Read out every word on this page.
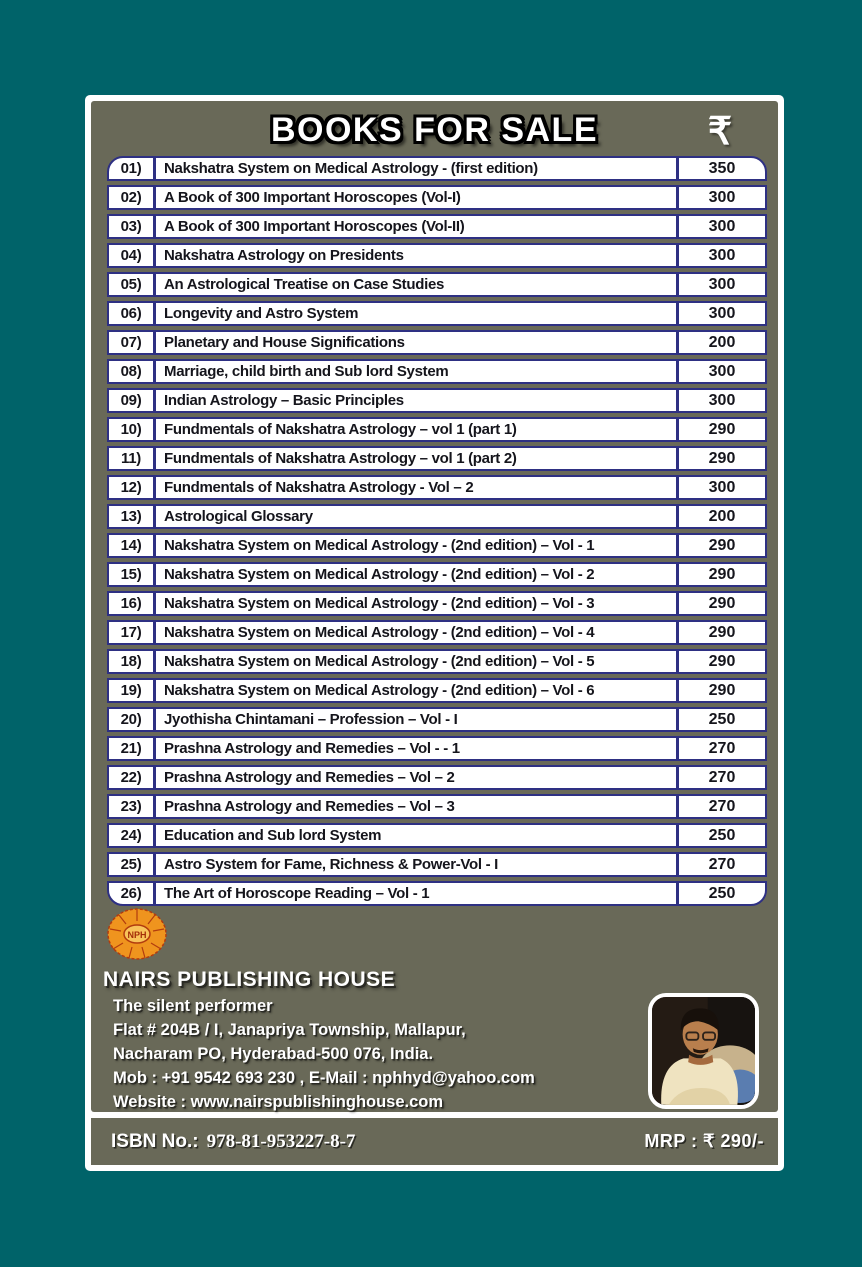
BOOKS FOR SALE	₹
01)	Nakshatra System on Medical Astrology - (first edition)	350
02)	A Book of 300 Important Horoscopes (Vol-I)	300
03)	A Book of 300 Important Horoscopes (Vol-II)	300
04)	Nakshatra Astrology on Presidents	300
05)	An Astrological Treatise on Case Studies	300
06)	Longevity and Astro System	300
07)	Planetary and House Significations	200
08)	Marriage, child birth and Sub lord System	300
09)	Indian Astrology – Basic Principles	300
10)	Fundmentals of Nakshatra Astrology – vol 1 (part 1)	290
11)	Fundmentals of Nakshatra Astrology – vol 1 (part 2)	290
12)	Fundmentals of Nakshatra Astrology - Vol – 2	300
13)	Astrological Glossary	200
14)	Nakshatra System on Medical Astrology - (2nd edition) – Vol - 1	290
15)	Nakshatra System on Medical Astrology - (2nd edition) – Vol - 2	290
16)	Nakshatra System on Medical Astrology - (2nd edition) – Vol - 3	290
17)	Nakshatra System on Medical Astrology - (2nd edition) – Vol - 4	290
18)	Nakshatra System on Medical Astrology - (2nd edition) – Vol - 5	290
19)	Nakshatra System on Medical Astrology - (2nd edition) – Vol - 6	290
20)	Jyothisha Chintamani – Profession – Vol - I	250
21)	Prashna Astrology and Remedies – Vol - - 1	270
22)	Prashna Astrology and Remedies – Vol – 2	270
23)	Prashna Astrology and Remedies – Vol – 3	270
24)	Education and Sub lord System	250
25)	Astro System for Fame, Richness & Power-Vol - I	270
26)	The Art of Horoscope Reading – Vol - 1	250
NPH
NAIRS PUBLISHING HOUSE
The silent performer
Flat # 204B / I, Janapriya Township, Mallapur,
Nacharam PO, Hyderabad-500 076, India.
Mob : +91 9542 693 230 , E-Mail : nphhyd@yahoo.com
Website : www.nairspublishinghouse.com
ISBN No.: 978-81-953227-8-7	MRP : ₹ 290/-
